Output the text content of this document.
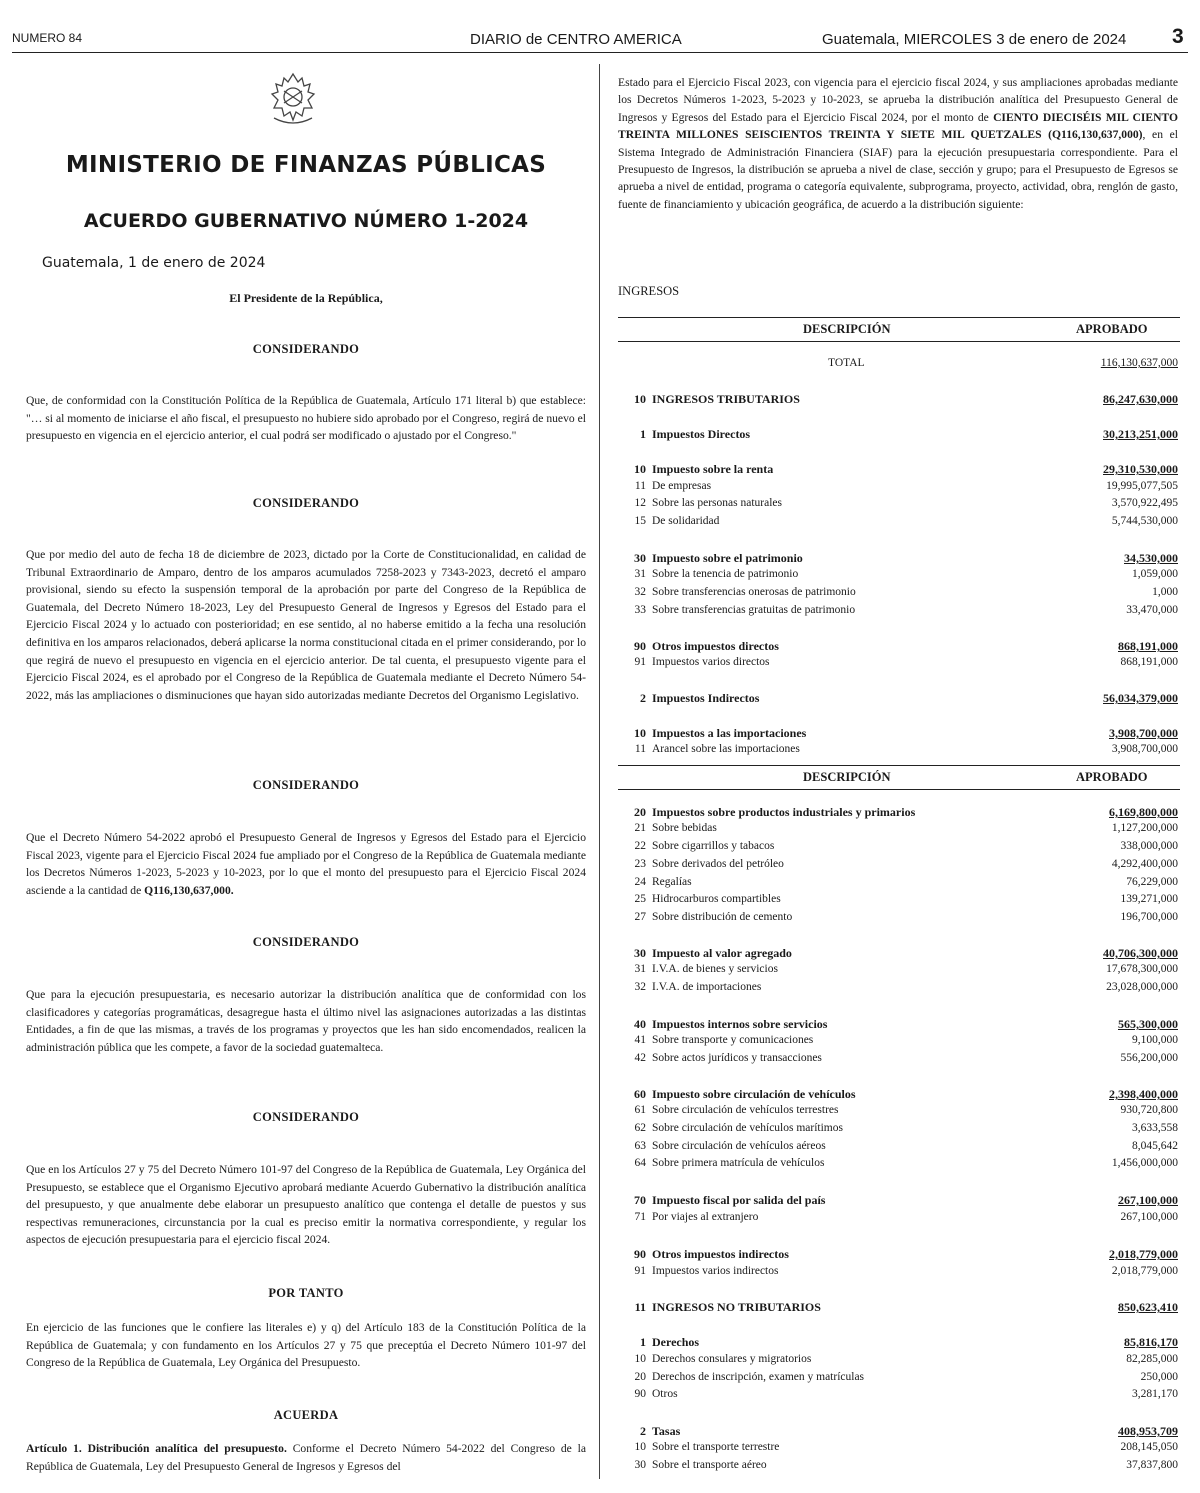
NUMERO 84	DIARIO de CENTRO AMERICA	Guatemala, MIERCOLES 3 de enero de 2024 3
MINISTERIO DE FINANZAS PÚBLICAS
ACUERDO GUBERNATIVO NÚMERO 1-2024
Guatemala, 1 de enero de 2024
El Presidente de la República,
CONSIDERANDO
Que, de conformidad con la Constitución Política de la República de Guatemala, Artículo 171 literal b) que establece: "… si al momento de iniciarse el año fiscal, el presupuesto no hubiere sido aprobado por el Congreso, regirá de nuevo el presupuesto en vigencia en el ejercicio anterior, el cual podrá ser modificado o ajustado por el Congreso."
CONSIDERANDO
Que por medio del auto de fecha 18 de diciembre de 2023, dictado por la Corte de Constitucionalidad, en calidad de Tribunal Extraordinario de Amparo, dentro de los amparos acumulados 7258-2023 y 7343-2023, decretó el amparo provisional, siendo su efecto la suspensión temporal de la aprobación por parte del Congreso de la República de Guatemala, del Decreto Número 18-2023, Ley del Presupuesto General de Ingresos y Egresos del Estado para el Ejercicio Fiscal 2024 y lo actuado con posterioridad; en ese sentido, al no haberse emitido a la fecha una resolución definitiva en los amparos relacionados, deberá aplicarse la norma constitucional citada en el primer considerando, por lo que regirá de nuevo el presupuesto en vigencia en el ejercicio anterior. De tal cuenta, el presupuesto vigente para el Ejercicio Fiscal 2024, es el aprobado por el Congreso de la República de Guatemala mediante el Decreto Número 54-2022, más las ampliaciones o disminuciones que hayan sido autorizadas mediante Decretos del Organismo Legislativo.
CONSIDERANDO
Que el Decreto Número 54-2022 aprobó el Presupuesto General de Ingresos y Egresos del Estado para el Ejercicio Fiscal 2023, vigente para el Ejercicio Fiscal 2024 fue ampliado por el Congreso de la República de Guatemala mediante los Decretos Números 1-2023, 5-2023 y 10-2023, por lo que el monto del presupuesto para el Ejercicio Fiscal 2024 asciende a la cantidad de Q116,130,637,000.
CONSIDERANDO
Que para la ejecución presupuestaria, es necesario autorizar la distribución analítica que de conformidad con los clasificadores y categorías programáticas, desagregue hasta el último nivel las asignaciones autorizadas a las distintas Entidades, a fin de que las mismas, a través de los programas y proyectos que les han sido encomendados, realicen la administración pública que les compete, a favor de la sociedad guatemalteca.
CONSIDERANDO
Que en los Artículos 27 y 75 del Decreto Número 101-97 del Congreso de la República de Guatemala, Ley Orgánica del Presupuesto, se establece que el Organismo Ejecutivo aprobará mediante Acuerdo Gubernativo la distribución analítica del presupuesto, y que anualmente debe elaborar un presupuesto analítico que contenga el detalle de puestos y sus respectivas remuneraciones, circunstancia por la cual es preciso emitir la normativa correspondiente, y regular los aspectos de ejecución presupuestaria para el ejercicio fiscal 2024.
POR TANTO
En ejercicio de las funciones que le confiere las literales e) y q) del Artículo 183 de la Constitución Política de la República de Guatemala; y con fundamento en los Artículos 27 y 75 que preceptúa el Decreto Número 101-97 del Congreso de la República de Guatemala, Ley Orgánica del Presupuesto.
ACUERDA
Artículo 1. Distribución analítica del presupuesto. Conforme el Decreto Número 54-2022 del Congreso de la República de Guatemala, Ley del Presupuesto General de Ingresos y Egresos del
Estado para el Ejercicio Fiscal 2023, con vigencia para el ejercicio fiscal 2024, y sus ampliaciones aprobadas mediante los Decretos Números 1-2023, 5-2023 y 10-2023, se aprueba la distribución analítica del Presupuesto General de Ingresos y Egresos del Estado para el Ejercicio Fiscal 2024, por el monto de CIENTO DIECISÉIS MIL CIENTO TREINTA MILLONES SEISCIENTOS TREINTA Y SIETE MIL QUETZALES (Q116,130,637,000), en el Sistema Integrado de Administración Financiera (SIAF) para la ejecución presupuestaria correspondiente. Para el Presupuesto de Ingresos, la distribución se aprueba a nivel de clase, sección y grupo; para el Presupuesto de Egresos se aprueba a nivel de entidad, programa o categoría equivalente, subprograma, proyecto, actividad, obra, renglón de gasto, fuente de financiamiento y ubicación geográfica, de acuerdo a la distribución siguiente:
INGRESOS
DESCRIPCIÓN	APROBADO
TOTAL	116,130,637,000
10 INGRESOS TRIBUTARIOS	86,247,630,000
1 Impuestos Directos	30,213,251,000
10 Impuesto sobre la renta	29,310,530,000
11 De empresas	19,995,077,505
12 Sobre las personas naturales	3,570,922,495
15 De solidaridad	5,744,530,000
30 Impuesto sobre el patrimonio	34,530,000
31 Sobre la tenencia de patrimonio	1,059,000
32 Sobre transferencias onerosas de patrimonio	1,000
33 Sobre transferencias gratuitas de patrimonio	33,470,000
90 Otros impuestos directos	868,191,000
91 Impuestos varios directos	868,191,000
2 Impuestos Indirectos	56,034,379,000
10 Impuestos a las importaciones	3,908,700,000
11 Arancel sobre las importaciones	3,908,700,000
DESCRIPCIÓN	APROBADO
20 Impuestos sobre productos industriales y primarios	6,169,800,000
21 Sobre bebidas	1,127,200,000
22 Sobre cigarrillos y tabacos	338,000,000
23 Sobre derivados del petróleo	4,292,400,000
24 Regalías	76,229,000
25 Hidrocarburos compartibles	139,271,000
27 Sobre distribución de cemento	196,700,000
30 Impuesto al valor agregado	40,706,300,000
31 I.V.A. de bienes y servicios	17,678,300,000
32 I.V.A. de importaciones	23,028,000,000
40 Impuestos internos sobre servicios	565,300,000
41 Sobre transporte y comunicaciones	9,100,000
42 Sobre actos jurídicos y transacciones	556,200,000
60 Impuesto sobre circulación de vehículos	2,398,400,000
61 Sobre circulación de vehículos terrestres	930,720,800
62 Sobre circulación de vehículos marítimos	3,633,558
63 Sobre circulación de vehículos aéreos	8,045,642
64 Sobre primera matrícula de vehículos	1,456,000,000
70 Impuesto fiscal por salida del país	267,100,000
71 Por viajes al extranjero	267,100,000
90 Otros impuestos indirectos	2,018,779,000
91 Impuestos varios indirectos	2,018,779,000
11 INGRESOS NO TRIBUTARIOS	850,623,410
1 Derechos	85,816,170
10 Derechos consulares y migratorios	82,285,000
20 Derechos de inscripción, examen y matrículas	250,000
90 Otros	3,281,170
2 Tasas	408,953,709
10 Sobre el transporte terrestre	208,145,050
30 Sobre el transporte aéreo	37,837,800
